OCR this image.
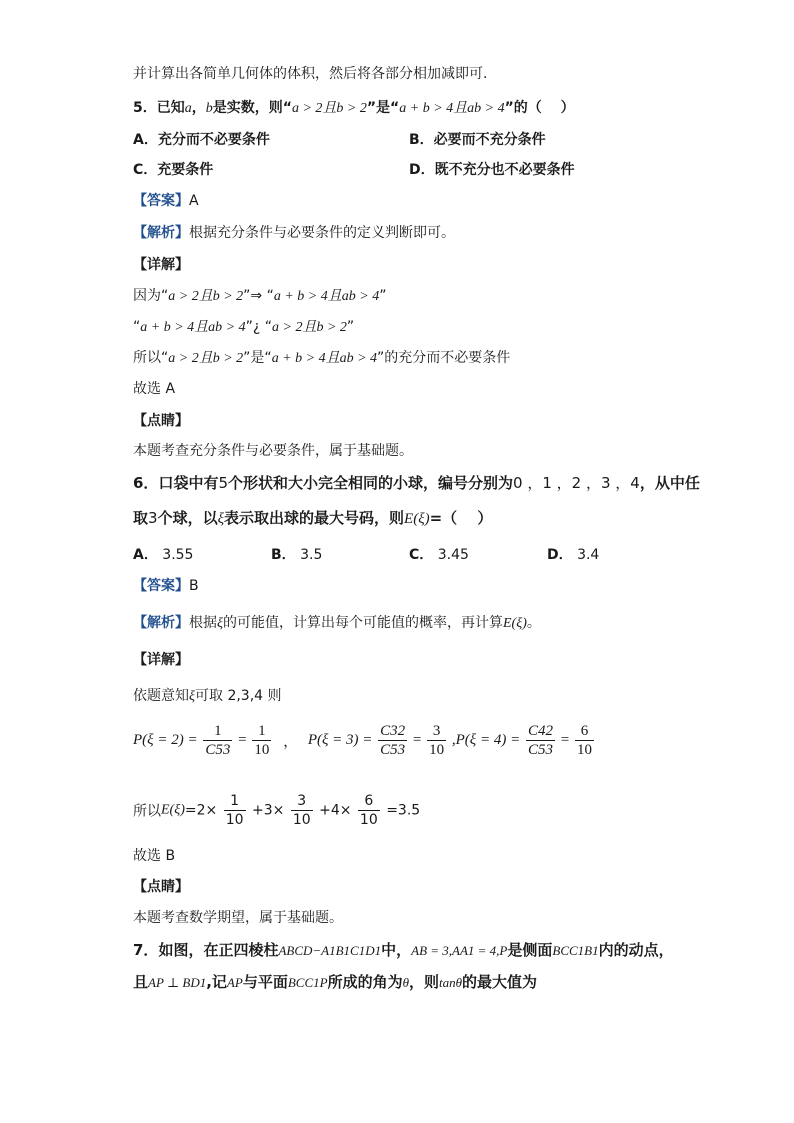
并计算出各简单几何体的体积，然后将各部分相加减即可.
5．已知a，b是实数，则“a > 2且b > 2”是“a + b > 4且ab > 4”的（　 ）
A．充分而不必要条件	B．必要而不充分条件
C．充要条件	D．既不充分也不必要条件
【答案】A
【解析】根据充分条件与必要条件的定义判断即可。
【详解】
因为“a > 2且b > 2”⇒ “a + b > 4且ab > 4”
“a + b > 4且ab > 4”¿ “a > 2且b > 2”
所以“a > 2且b > 2”是“a + b > 4且ab > 4”的充分而不必要条件
故选 A
【点睛】
本题考查充分条件与必要条件，属于基础题。
6．口袋中有5个形状和大小完全相同的小球，编号分别为0 ，1 ，2 ，3 ，4，从中任
取3个球，以ξ表示取出球的最大号码，则E(ξ)=（　 ）
A． 3.55	B． 3.5	C． 3.45	D． 3.4
【答案】B
【解析】根据ξ的可能值，计算出每个可能值的概率，再计算E(ξ)。
【详解】
依题意知ξ可取 2,3,4 则
$P(\xi = 2) = \frac{1}{C53} = \frac{1}{10}$ ， $P(\xi = 3) = \frac{C32}{C53} = \frac{3}{10} ,P(\xi = 4) = \frac{C42}{C53} = \frac{6}{10}$
所以$E(\xi)=2\times \frac{1}{10} +3\times \frac{3}{10} +4\times \frac{6}{10} =3.5$
故选 B
【点睛】
本题考查数学期望，属于基础题。
7．如图，在正四棱柱ABCD−A1B1C1D1中，AB = 3,AA1 = 4,P是侧面BCC1B1内的动点，
且AP ⊥ BD1,记AP与平面BCC1P所成的角为θ，则tanθ的最大值为
